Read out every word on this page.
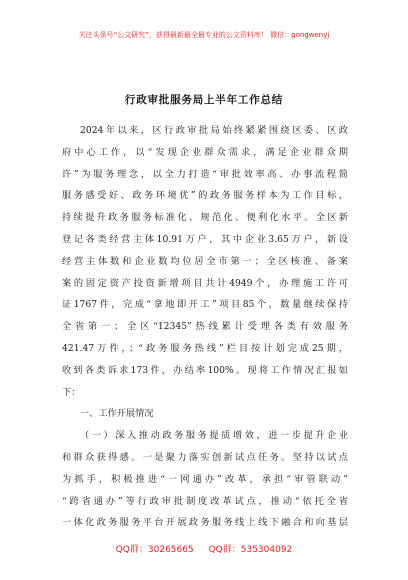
关注头条号“公文研究”，获得最新最全最专业的公文资料库！ 微信：gongwenyj
行政审批服务局上半年工作总结
2024年以来，区行政审批局始终紧紧围绕区委、区政
府中心工作，以“发现企业群众需求，满足企业群众期
许”为服务理念，以全力打造“审批效率高、办事流程简
服务感受好、政务环境优”的政务服务样本为工作目标，
持续提升政务服务标准化、规范化、便利化水平。全区新
登记各类经营主体10.91万户，其中企业3.65万户，新设
经营主体数和企业数均位居全市第一；全区核准、备案
案的固定资产投资新增项目共计4949个，办理施工许可
证1767件，完成“拿地即开工”项目85个，数量继续保持
全省第一；全区“12345”热线累计受理各类有效服务
421.47万件，；“政务服务热线”栏目按计划完成25期，
收到各类诉求173件，办结率100%。现将工作情况汇报如
下：
一、工作开展情况
（一）深入推动政务服务提质增效，进一步提升企业
和群众获得感。一是聚力落实创新试点任务。坚持以试点
为抓手，积极推进“一网通办”改革，承担“审管联动”
“跨省通办”等行政审批制度改革试点，推动“依托全省
一体化政务服务平台开展政务服务线上线下融合和向基层
QQ群：30265665 QQ群：535304092
